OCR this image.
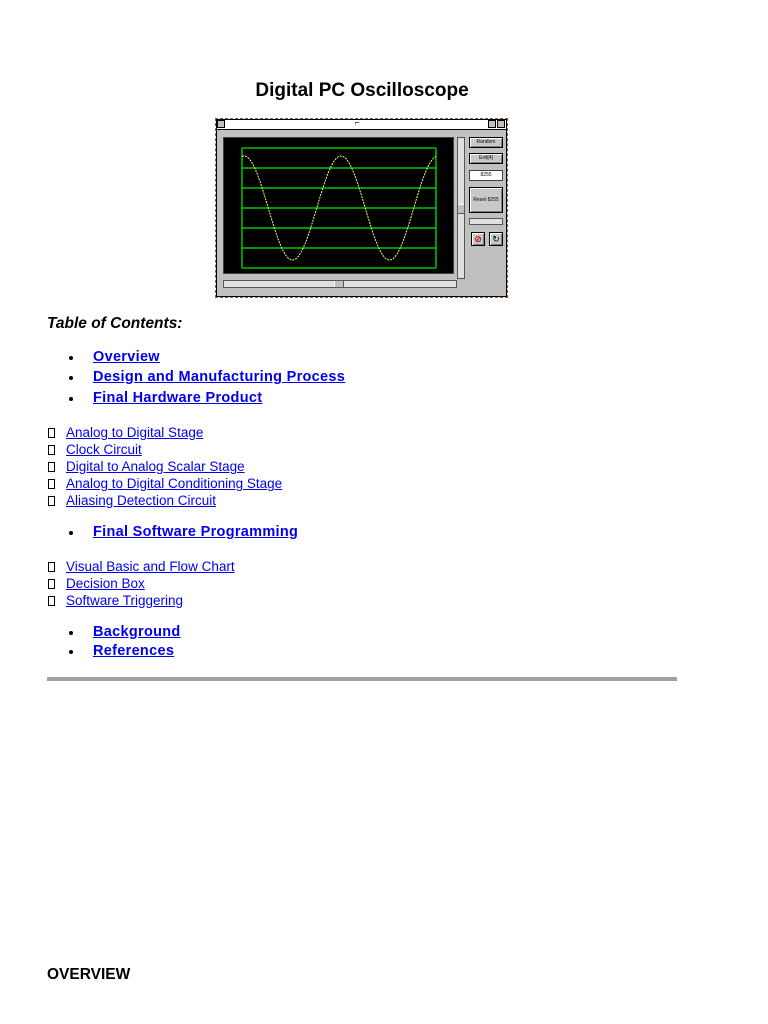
Digital PC Oscilloscope
⌐
Random
Exit[4]
8255
Reset 8255
⊘	↻
Table of Contents:
Overview
Design and Manufacturing Process
Final Hardware Product
Analog to Digital Stage
Clock Circuit
Digital to Analog Scalar Stage
Analog to Digital Conditioning Stage
Aliasing Detection Circuit
Final Software Programming
Visual Basic and Flow Chart
Decision Box
Software Triggering
Background
References
OVERVIEW
